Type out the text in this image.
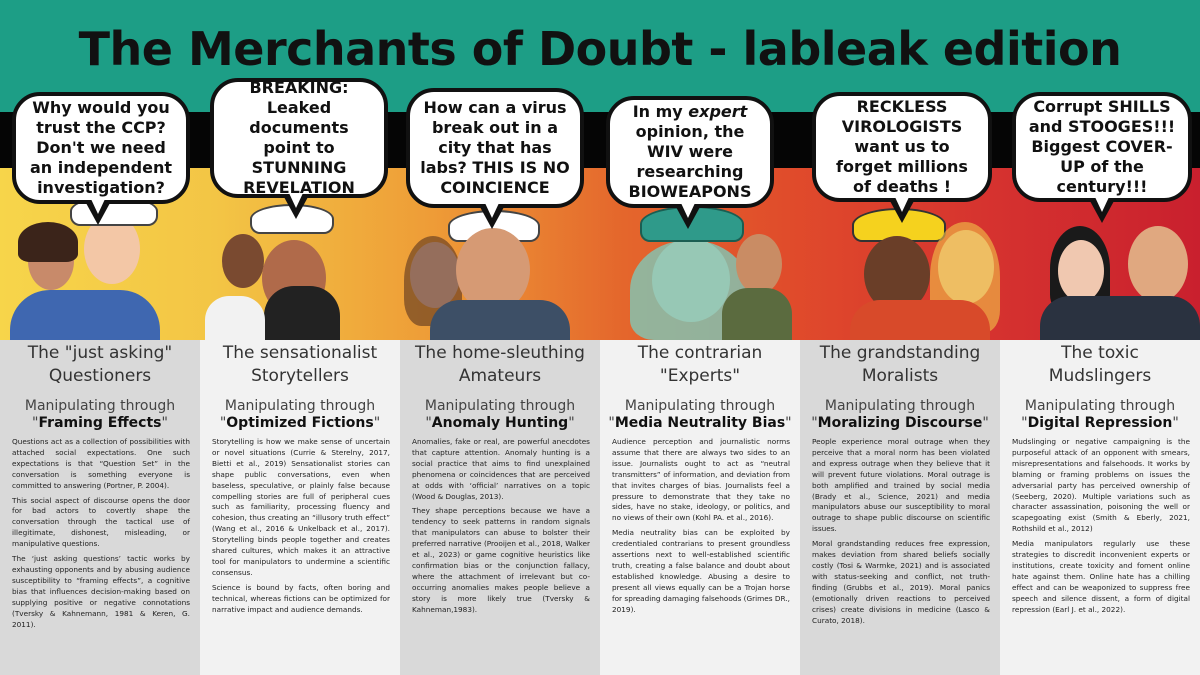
The Merchants of Doubt - lableak edition
Why would you trust the CCP? Don't we need an independent investigation?
BREAKING: Leaked documents point to STUNNING REVELATION
How can a virus break out in a city that has labs? THIS IS NO COINCIENCE
In my expert opinion, the WIV were researching BIOWEAPONS
RECKLESS VIROLOGISTS want us to forget millions of deaths !
Corrupt SHILLS and STOOGES!!! Biggest COVER-UP of the century!!!
The "just asking"
Questioners
Manipulating through
"Framing Effects"

Questions act as a collection of possibilities with attached social expectations. One such expectations is that “Question Set” in the conversation is something everyone is committed to answering (Portner, P. 2004).

This social aspect of discourse opens the door for bad actors to covertly shape the conversation through the tactical use of illegitimate, dishonest, misleading, or manipulative questions.

The ‘just asking questions’ tactic works by exhausting opponents and by abusing audience susceptibility to “framing effects”, a cognitive bias that influences decision-making based on supplying positive or negative connotations (Tversky & Kahnemann, 1981 & Keren, G. 2011).

The sensationalist
Storytellers
Manipulating through
"Optimized Fictions"

Storytelling is how we make sense of uncertain or novel situations (Currie & Sterelny, 2017, Bietti et al., 2019) Sensationalist stories can shape public conversations, even when baseless, speculative, or plainly false because compelling stories are full of peripheral cues such as familiarity, processing fluency and cohesion, thus creating an “illusory truth effect” (Wang et al., 2016 & Unkelback et al., 2017). Storytelling binds people together and creates shared cultures, which makes it an attractive tool for manipulators to undermine a scientific consensus.

Science is bound by facts, often boring and technical, whereas fictions can be optimized for narrative impact and audience demands.

The home-sleuthing
Amateurs
Manipulating through
"Anomaly Hunting"

Anomalies, fake or real, are powerful anecdotes that capture attention. Anomaly hunting is a social practice that aims to find unexplained phenomena or coincidences that are perceived at odds with ‘official’ narratives on a topic (Wood & Douglas, 2013).

They shape perceptions because we have a tendency to seek patterns in random signals that manipulators can abuse to bolster their preferred narrative (Prooijen et al., 2018, Walker et al., 2023) or game cognitive heuristics like confirmation bias or the conjunction fallacy, where the attachment of irrelevant but co-occurring anomalies makes people believe a story is more likely true (Tversky & Kahneman,1983).

The contrarian
"Experts"
Manipulating through
"Media Neutrality Bias"

Audience perception and journalistic norms assume that there are always two sides to an issue. Journalists ought to act as “neutral transmitters” of information, and deviation from that invites charges of bias. Journalists feel a pressure to demonstrate that they take no sides, have no stake, ideology, or politics, and no views of their own (Kohl PA. et al., 2016).

Media neutrality bias can be exploited by credentialed contrarians to present groundless assertions next to well-established scientific truth, creating a false balance and doubt about established knowledge. Abusing a desire to present all views equally can be a Trojan horse for spreading damaging falsehoods (Grimes DR., 2019).

The grandstanding
Moralists
Manipulating through
"Moralizing Discourse"

People experience moral outrage when they perceive that a moral norm has been violated and express outrage when they believe that it will prevent future violations. Moral outrage is both amplified and trained by social media (Brady et al., Science, 2021) and media manipulators abuse our susceptibility to moral outrage to shape public discourse on scientific issues.

Moral grandstanding reduces free expression, makes deviation from shared beliefs socially costly (Tosi & Warmke, 2021) and is associated with status-seeking and conflict, not truth-finding (Grubbs et al., 2019). Moral panics (emotionally driven reactions to perceived crises) create divisions in medicine (Lasco & Curato, 2018).

The toxic
Mudslingers
Manipulating through
"Digital Repression"

Mudslinging or negative campaigning is the purposeful attack of an opponent with smears, misrepresentations and falsehoods. It works by blaming or framing problems on issues the adversarial party has perceived ownership of (Seeberg, 2020). Multiple variations such as character assassination, poisoning the well or scapegoating exist (Smith & Eberly, 2021, Rothshild et al., 2012)

Media manipulators regularly use these strategies to discredit inconvenient experts or institutions, create toxicity and foment online hate against them. Online hate has a chilling effect and can be weaponized to suppress free speech and silence dissent, a form of digital repression (Earl J. et al., 2022).
